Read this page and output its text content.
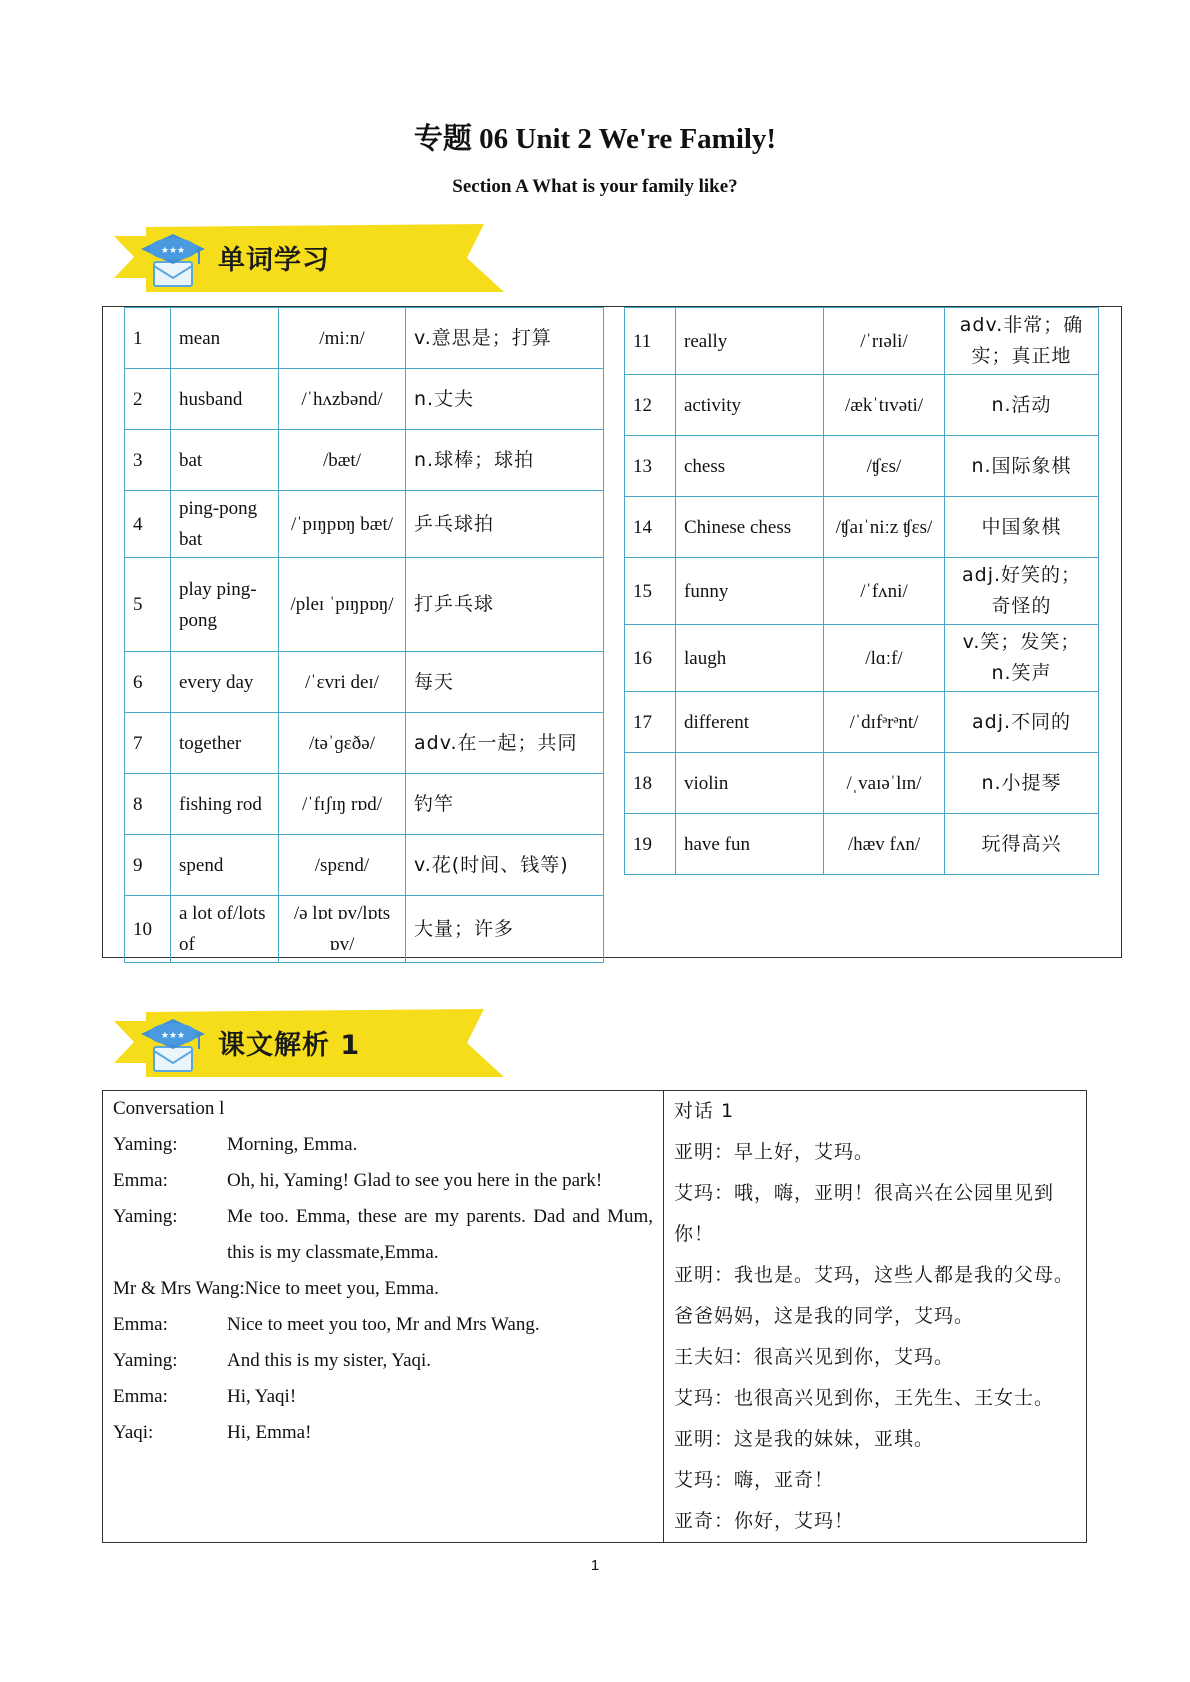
专题 06 Unit 2 We're Family!
Section A What is your family like?
★★★ 单词学习
1	mean	/miːn/	v.意思是；打算
2	husband	/ˈhʌzbənd/	n.丈夫
3	bat	/bæt/	n.球棒；球拍
4	ping-pong bat	/ˈpɪŋpɒŋ bæt/	乒乓球拍
5	play ping-pong	/pleɪ ˈpɪŋpɒŋ/	打乒乓球
6	every day	/ˈɛvri deɪ/	每天
7	together	/təˈɡɛðə/	adv.在一起；共同
8	fishing rod	/ˈfɪʃɪŋ rɒd/	钓竿
9	spend	/spɛnd/	v.花(时间、钱等)
10	a lot of/lots of	/ə lɒt ɒv/lɒts ɒv/	大量；许多
11	really	/ˈrɪəli/	adv.非常；确实；真正地
12	activity	/ækˈtɪvəti/	n.活动
13	chess	/ʧɛs/	n.国际象棋
14	Chinese chess	/ʧaɪˈniːz ʧɛs/	中国象棋
15	funny	/ˈfʌni/	adj.好笑的；奇怪的
16	laugh	/lɑːf/	v.笑；发笑；n.笑声
17	different	/ˈdɪfᵊrᵊnt/	adj.不同的
18	violin	/ˌvaɪəˈlɪn/	n.小提琴
19	have fun	/hæv fʌn/	玩得高兴
★★★ 课文解析 1
Conversation l
Yaming:	Morning, Emma.
Emma:	Oh, hi, Yaming! Glad to see you here in the park!
Yaming:	Me too. Emma, these are my parents. Dad and Mum, this is my classmate,Emma.
Mr & Mrs Wang: Nice to meet you, Emma.
Emma:	Nice to meet you too, Mr and Mrs Wang.
Yaming:	And this is my sister, Yaqi.
Emma:	Hi, Yaqi!
Yaqi:	Hi, Emma!

对话 1
亚明：早上好，艾玛。
艾玛：哦，嗨，亚明！很高兴在公园里见到你！
亚明：我也是。艾玛，这些人都是我的父母。爸爸妈妈，这是我的同学，艾玛。
王夫妇：很高兴见到你，艾玛。
艾玛：也很高兴见到你，王先生、王女士。
亚明：这是我的妹妹，亚琪。
艾玛：嗨，亚奇！
亚奇：你好，艾玛！
1
